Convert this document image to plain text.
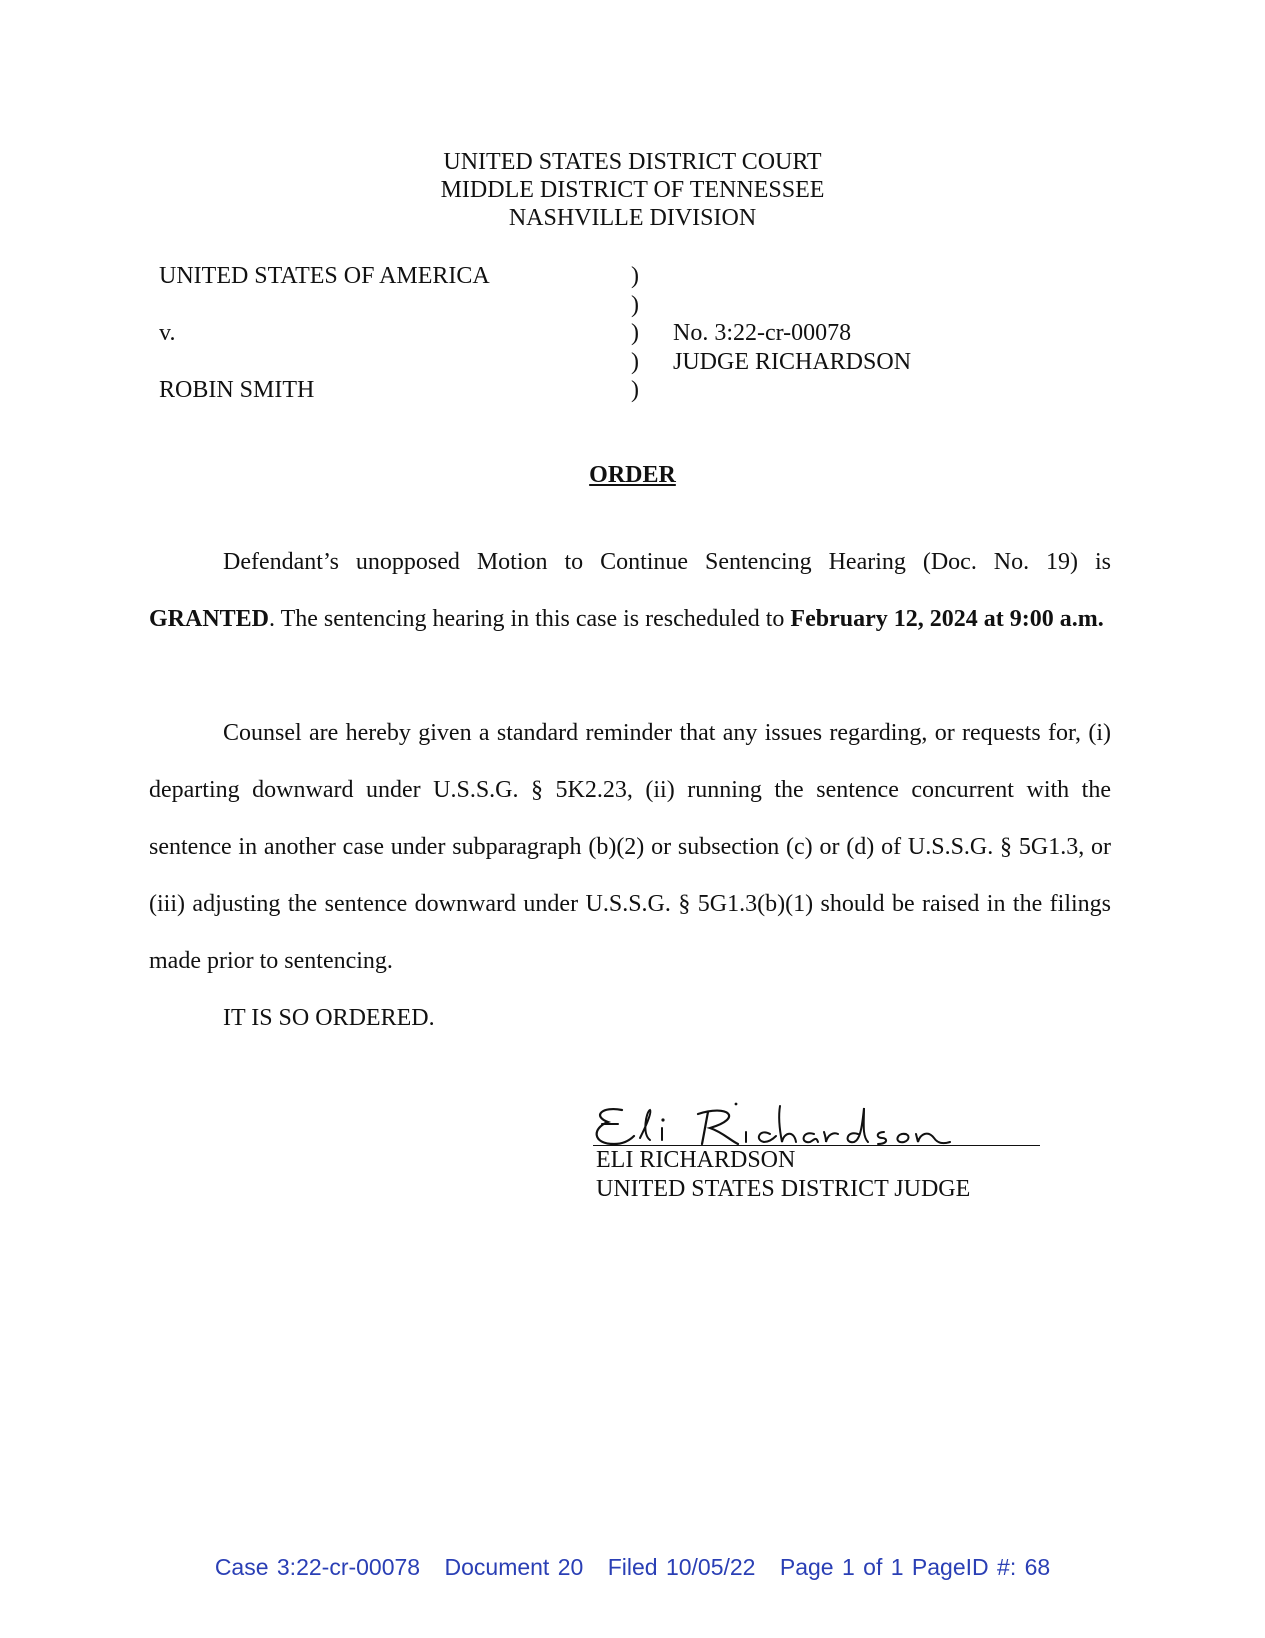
UNITED STATES DISTRICT COURT
MIDDLE DISTRICT OF TENNESSEE
NASHVILLE DIVISION
UNITED STATES OF AMERICA
v.
ROBIN SMITH
)
)
)
)
)
No. 3:22-cr-00078
JUDGE RICHARDSON
ORDER
Defendant’s unopposed Motion to Continue Sentencing Hearing (Doc. No. 19) is GRANTED. The sentencing hearing in this case is rescheduled to February 12, 2024 at 9:00 a.m.
Counsel are hereby given a standard reminder that any issues regarding, or requests for, (i) departing downward under U.S.S.G. § 5K2.23, (ii) running the sentence concurrent with the sentence in another case under subparagraph (b)(2) or subsection (c) or (d) of U.S.S.G. § 5G1.3, or (iii) adjusting the sentence downward under U.S.S.G. § 5G1.3(b)(1) should be raised in the filings made prior to sentencing.
IT IS SO ORDERED.
ELI RICHARDSON
UNITED STATES DISTRICT JUDGE
Case 3:22-cr-00078 Document 20 Filed 10/05/22 Page 1 of 1 PageID #: 68
